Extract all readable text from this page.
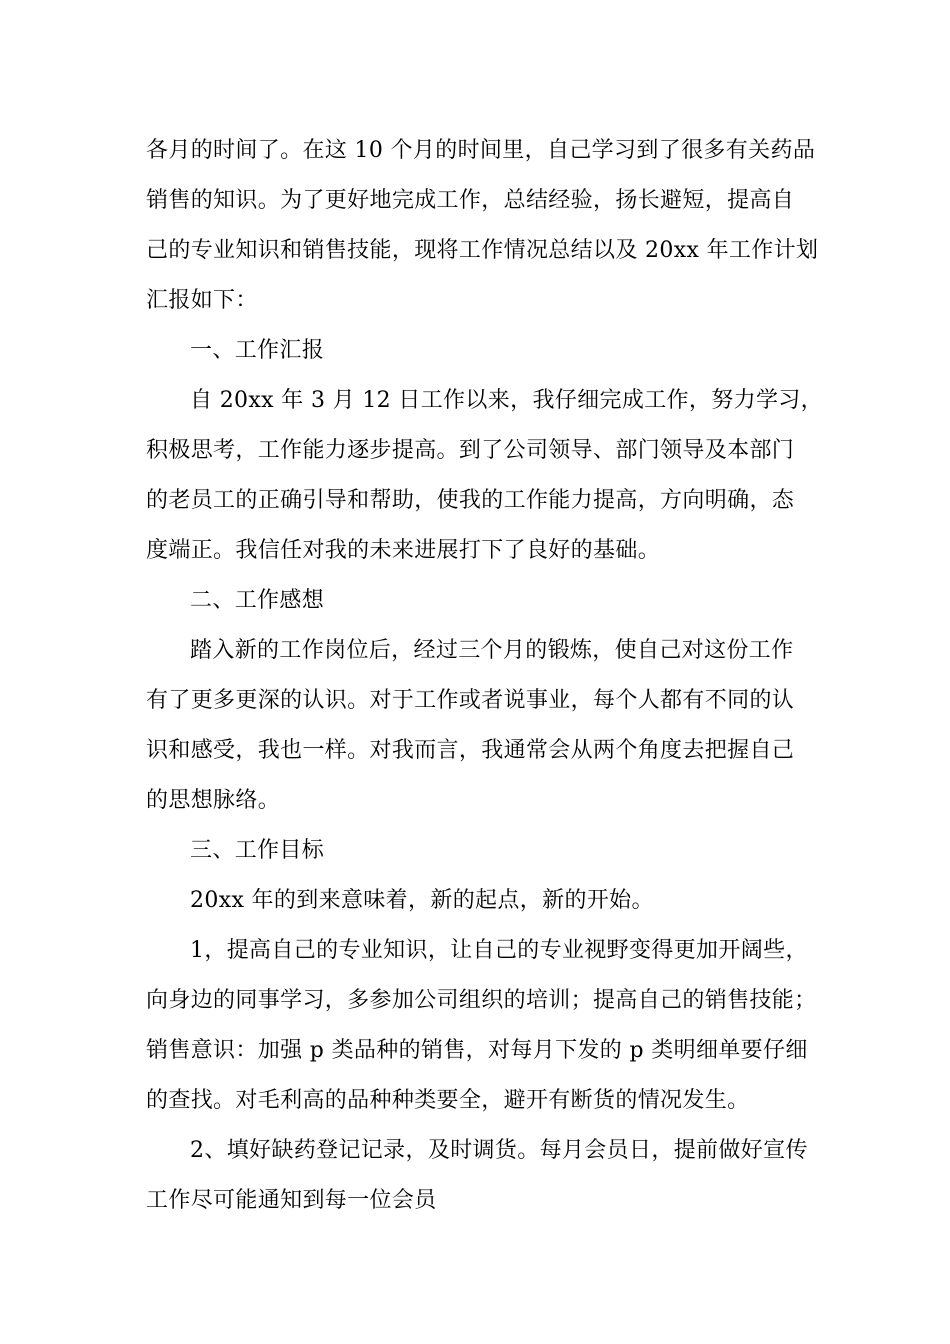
各月的时间了。在这 10 个月的时间里，自己学习到了很多有关药品
销售的知识。为了更好地完成工作，总结经验，扬长避短，提高自
己的专业知识和销售技能，现将工作情况总结以及 20xx 年工作计划
汇报如下：
一、工作汇报
自 20xx 年 3 月 12 日工作以来，我仔细完成工作，努力学习，
积极思考，工作能力逐步提高。到了公司领导、部门领导及本部门
的老员工的正确引导和帮助，使我的工作能力提高，方向明确，态
度端正。我信任对我的未来进展打下了良好的基础。
二、工作感想
踏入新的工作岗位后，经过三个月的锻炼，使自己对这份工作
有了更多更深的认识。对于工作或者说事业，每个人都有不同的认
识和感受，我也一样。对我而言，我通常会从两个角度去把握自己
的思想脉络。
三、工作目标
20xx 年的到来意味着，新的起点，新的开始。
1，提高自己的专业知识，让自己的专业视野变得更加开阔些，
向身边的同事学习，多参加公司组织的培训；提高自己的销售技能；
销售意识：加强 p 类品种的销售，对每月下发的 p 类明细单要仔细
的查找。对毛利高的品种种类要全，避开有断货的情况发生。
2、填好缺药登记记录，及时调货。每月会员日，提前做好宣传
工作尽可能通知到每一位会员
